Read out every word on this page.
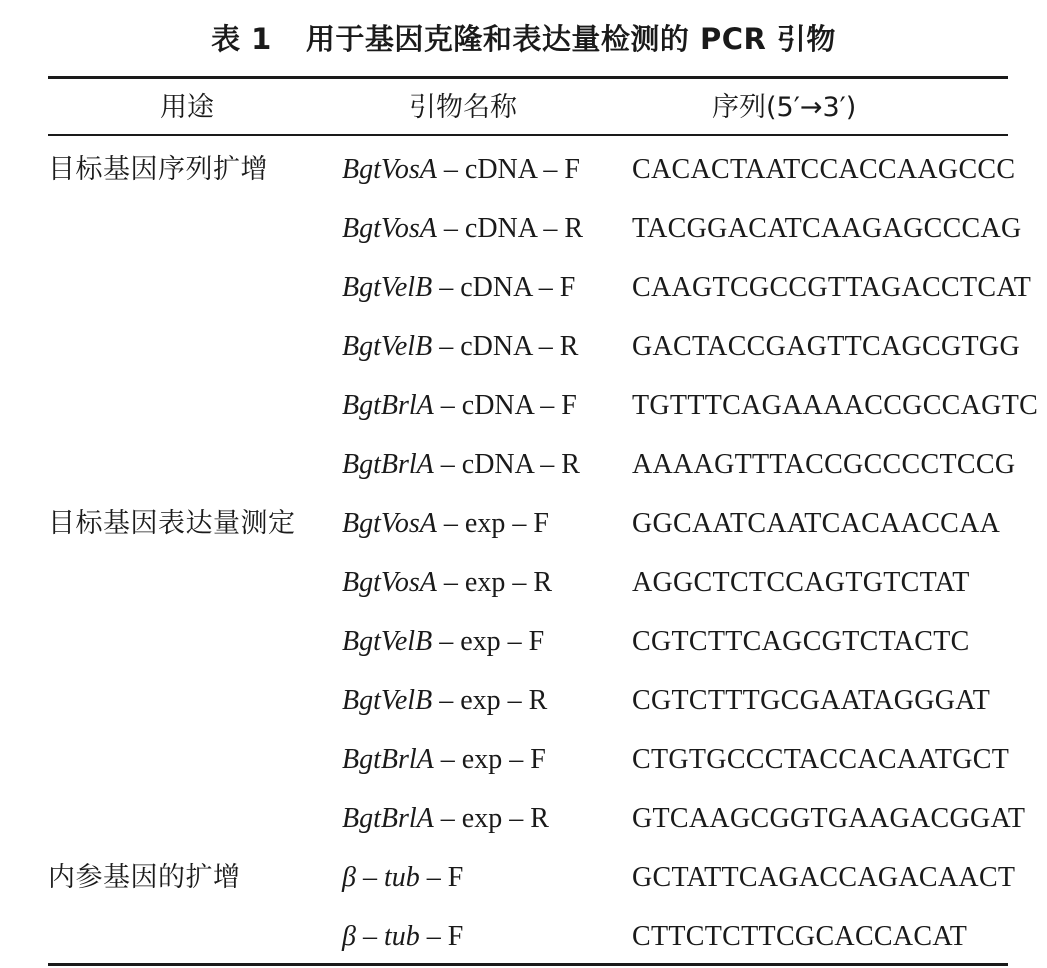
表 1 用于基因克隆和表达量检测的 PCR 引物
用途	引物名称	序列(5′→3′)
目标基因序列扩增	BgtVosA – cDNA – F CACACTAATCCACCAAGCCC
BgtVosA – cDNA – R TACGGACATCAAGAGCCCAG
BgtVelB – cDNA – F CAAGTCGCCGTTAGACCTCAT
BgtVelB – cDNA – R GACTACCGAGTTCAGCGTGG
BgtBrlA – cDNA – F TGTTTCAGAAAACCGCCAGTC
BgtBrlA – cDNA – R AAAAGTTTACCGCCCCTCCG
目标基因表达量测定 BgtVosA – exp – F	GGCAATCAATCACAACCAA
BgtVosA – exp – R	AGGCTCTCCAGTGTCTAT
BgtVelB – exp – F	CGTCTTCAGCGTCTACTC
BgtVelB – exp – R	CGTCTTTGCGAATAGGGAT
BgtBrlA – exp – F	CTGTGCCCTACCACAATGCT
BgtBrlA – exp – R	GTCAAGCGGTGAAGACGGAT
内参基因的扩增	β – tub – F	GCTATTCAGACCAGACAACT
β – tub – F	CTTCTCTTCGCACCACAT
